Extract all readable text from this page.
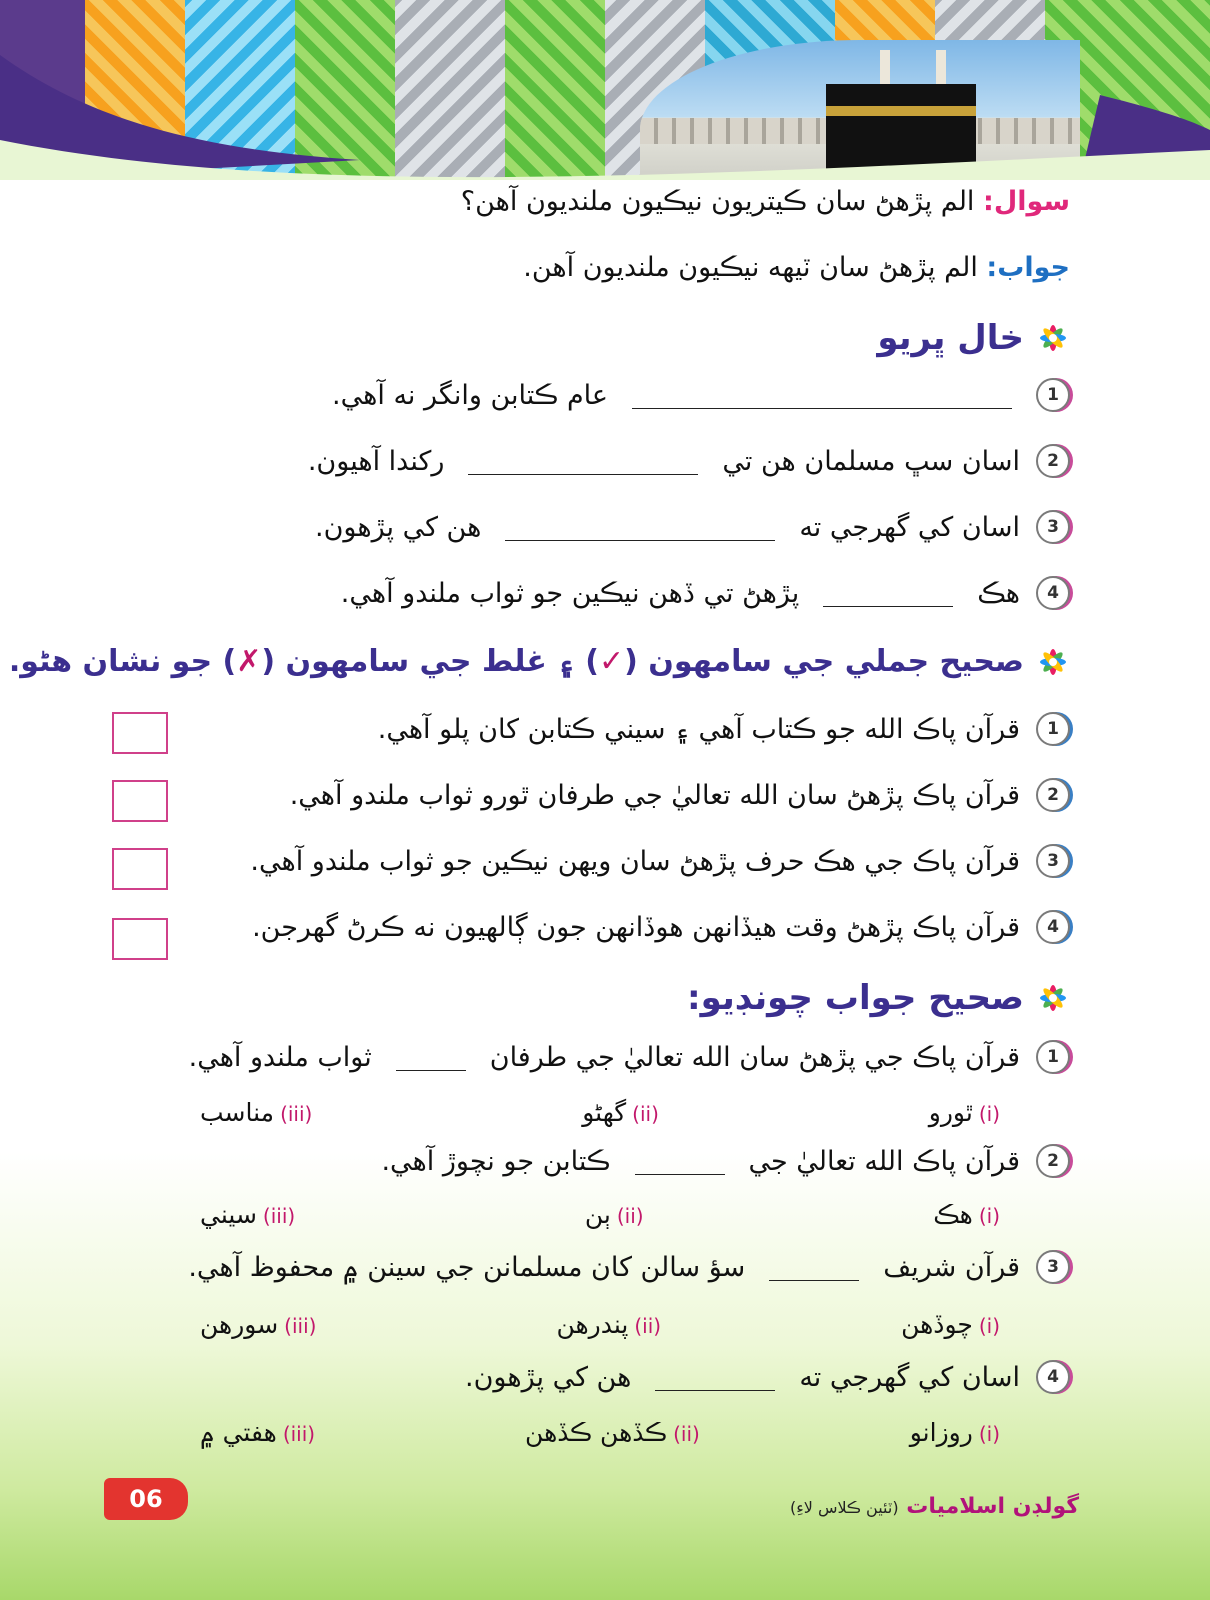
سوال: الم پڙهڻ سان ڪيتريون نيڪيون ملنديون آهن؟
جواب: الم پڙهڻ سان ٽيهه نيڪيون ملنديون آهن.
خال ڀريو
1
عام ڪتابن وانگر نه آهي.
2
اسان سڀ مسلمان هن تي
رکندا آهيون.
3
اسان کي گهرجي ته
هن کي پڙهون.
4
هڪ
پڙهڻ تي ڏهن نيڪين جو ثواب ملندو آهي.
صحيح جملي جي سامهون (✓) ۽ غلط جي سامهون (✗) جو نشان هڻو.
1
قرآن پاڪ الله جو ڪتاب آهي ۽ سيني ڪتابن کان پلو آهي.
2
قرآن پاڪ پڙهڻ سان الله تعاليٰ جي طرفان ٿورو ثواب ملندو آهي.
3
قرآن پاڪ جي هڪ حرف پڙهڻ سان ويهن نيڪين جو ثواب ملندو آهي.
4
قرآن پاڪ پڙهڻ وقت هيڏانهن هوڏانهن جون ڳالهيون نه ڪرڻ گهرجن.
صحيح جواب چونڊيو:
1
قرآن پاڪ جي پڙهڻ سان الله تعاليٰ جي طرفان
ثواب ملندو آهي.
(i)ٿورو
(ii)گهڻو
(iii)مناسب
2
قرآن پاڪ الله تعاليٰ جي
ڪتابن جو نچوڙ آهي.
(i)هڪ
(ii)ٻن
(iii)سيني
3
قرآن شريف
سؤ سالن کان مسلمانن جي سينن ۾ محفوظ آهي.
(i)چوڏهن
(ii)پندرهن
(iii)سورهن
4
اسان کي گهرجي ته
هن کي پڙهون.
(i)روزانو
(ii)ڪڏهن ڪڏهن
(iii)هفتي ۾
06	گولڊن اسلاميات (ٽئين ڪلاس لاءِ)
